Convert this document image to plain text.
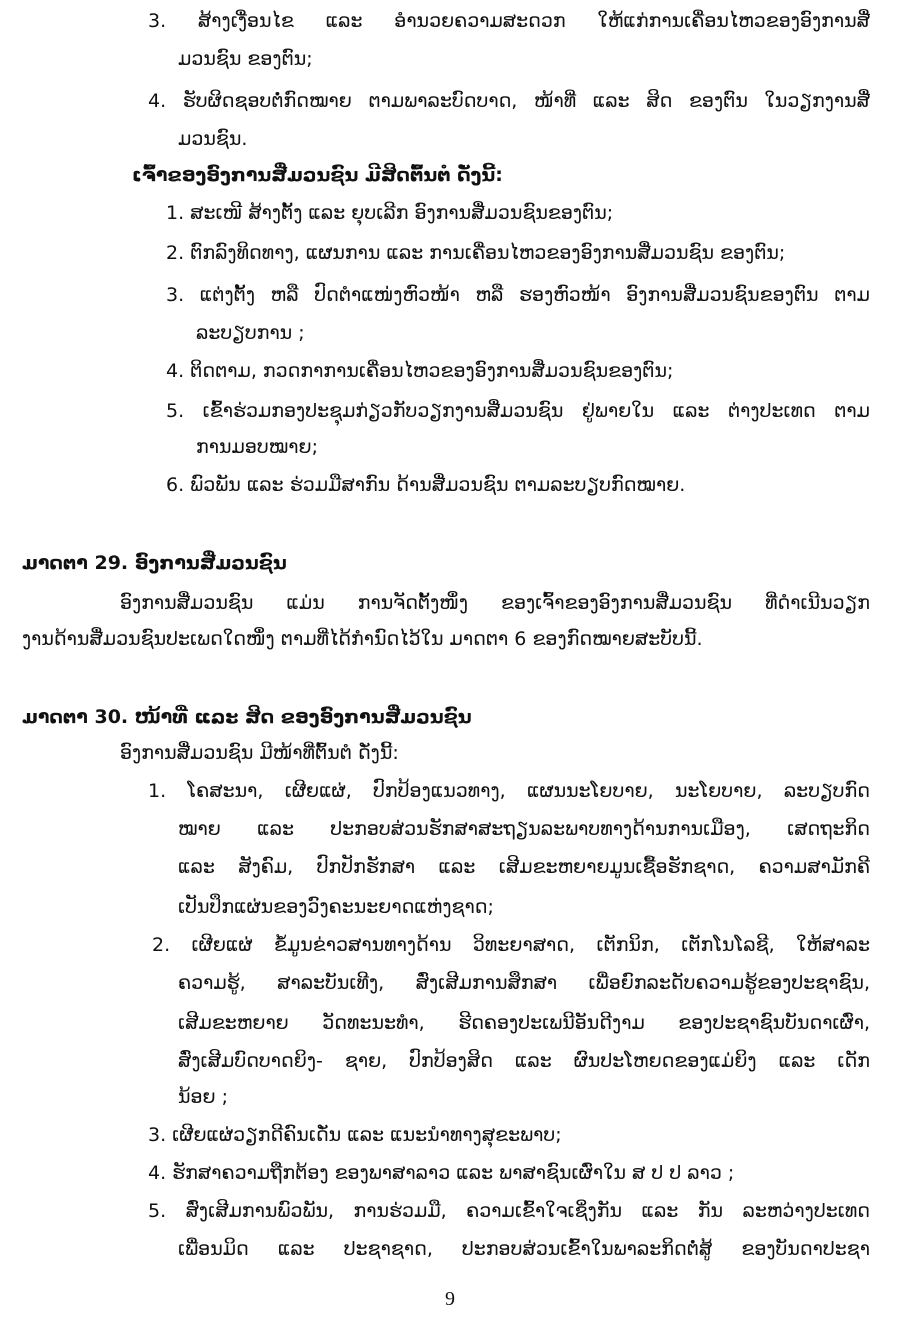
3. ສ້າງເງື່ອນໄຂ ແລະ ອຳນວຍຄວາມສະດວກ ໃຫ້ແກ່ການເຄື່ອນໄຫວຂອງອົງການສື່
ມວນຊົນ ຂອງຕົນ;
4. ຮັບຜິດຊອບຕໍ່ກົດໝາຍ ຕາມພາລະບົດບາດ, ໜ້າທີ່ ແລະ ສິດ ຂອງຕົນ ໃນວຽກງານສື່
ມວນຊົນ.
ເຈົ້າຂອງອົງການສື່ມວນຊົນ ມີສິດຕົ້ນຕໍ ດັ່ງນີ້:
1. ສະເໜີ ສ້າງຕັ້ງ ແລະ ຍຸບເລີກ ອົງການສື່ມວນຊົນຂອງຕົນ;
2. ຕົກລົງທິດທາງ, ແຜນການ ແລະ ການເຄື່ອນໄຫວຂອງອົງການສື່ມວນຊົນ ຂອງຕົນ;
3. ແຕ່ງຕັ້ງ ຫລື ປົດຕຳແໜ່ງຫົວໜ້າ ຫລື ຮອງຫົວໜ້າ ອົງການສື່ມວນຊົນຂອງຕົນ ຕາມ
ລະບຽບການ ;
4. ຕິດຕາມ, ກວດກາການເຄື່ອນໄຫວຂອງອົງການສື່ມວນຊົນຂອງຕົນ;
5. ເຂົ້າຮ່ວມກອງປະຊຸມກ່ຽວກັບວຽກງານສື່ມວນຊົນ ຢູ່ພາຍໃນ ແລະ ຕ່າງປະເທດ ຕາມ
ການມອບໝາຍ;
6. ພົວພັນ ແລະ ຮ່ວມມືສາກົນ ດ້ານສື່ມວນຊົນ ຕາມລະບຽບກົດໝາຍ.
ມາດຕາ 29. ອົງການສື່ມວນຊົນ
ອົງການສື່ມວນຊົນ ແມ່ນ ການຈັດຕັ້ງໜຶ່ງ ຂອງເຈົ້າຂອງອົງການສື່ມວນຊົນ ທີ່ດຳເນີນວຽກ
ງານດ້ານສື່ມວນຊົນປະເພດໃດໜຶ່ງ ຕາມທີ່ໄດ້ກຳນົດໄວ້ໃນ ມາດຕາ 6 ຂອງກົດໝາຍສະບັບນີ້.
ມາດຕາ 30. ໜ້າທີ່ ແລະ ສິດ ຂອງອົງການສື່ມວນຊົນ
ອົງການສື່ມວນຊົນ ມີໜ້າທີ່ຕົ້ນຕໍ ດັ່ງນີ້:
1. ໂຄສະນາ, ເຜີຍແຜ່, ປົກປ້ອງແນວທາງ, ແຜນນະໂຍບາຍ, ນະໂຍບາຍ, ລະບຽບກົດ
ໝາຍ ແລະ ປະກອບສ່ວນຮັກສາສະຖຽນລະພາບທາງດ້ານການເມືອງ, ເສດຖະກິດ
ແລະ ສັງຄົມ, ປົກປັກຮັກສາ ແລະ ເສີມຂະຫຍາຍມູນເຊື້ອຮັກຊາດ, ຄວາມສາມັກຄີ
ເປັນປຶກແຜ່ນຂອງວົງຄະນະຍາດແຫ່ງຊາດ;
2. ເຜີຍແຜ່ ຂໍ້ມູນຂ່າວສານທາງດ້ານ ວິທະຍາສາດ, ເຕັກນິກ, ເຕັກໂນໂລຊີ, ໃຫ້ສາລະ
ຄວາມຮູ້, ສາລະບັນເທີງ, ສົ່ງເສີມການສຶກສາ ເພື່ອຍົກລະດັບຄວາມຮູ້ຂອງປະຊາຊົນ,
ເສີມຂະຫຍາຍ ວັດທະນະທຳ, ຮີດຄອງປະເພນີອັນດີງາມ ຂອງປະຊາຊົນບັນດາເຜົ່າ,
ສົ່ງເສີມບົດບາດຍິງ- ຊາຍ, ປົກປ້ອງສິດ ແລະ ຜົນປະໂຫຍດຂອງແມ່ຍິງ ແລະ ເດັກ
ນ້ອຍ ;
3. ເຜີຍແຜ່ວຽກດີຄົນເດັ່ນ ແລະ ແນະນຳທາງສຸຂະພາບ;
4. ຮັກສາຄວາມຖືກຕ້ອງ ຂອງພາສາລາວ ແລະ ພາສາຊົນເຜົ່າໃນ ສ ປ ປ ລາວ ;
5. ສົ່ງເສີມການພົວພັນ, ການຮ່ວມມື, ຄວາມເຂົ້າໃຈເຊິ່ງກັນ ແລະ ກັນ ລະຫວ່າງປະເທດ
ເພື່ອນມິດ ແລະ ປະຊາຊາດ, ປະກອບສ່ວນເຂົ້າໃນພາລະກິດຕໍ່ສູ້ ຂອງບັນດາປະຊາ
9
